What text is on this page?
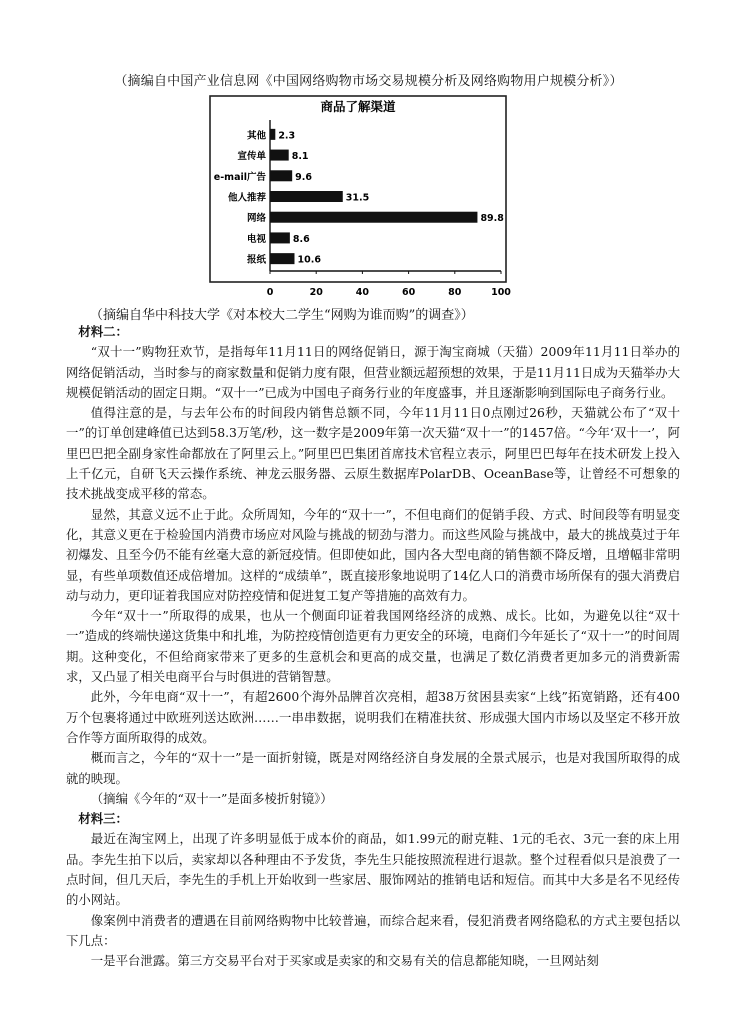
（摘编自中国产业信息网《中国网络购物市场交易规模分析及网络购物用户规模分析》）
商品了解渠道
其他 2.3
宣传单	8.1
e-mail广告	9.6
他人推荐	31.5
网络	89.8
电视	8.6
报纸	10.6
0	20	40	60	80	100
（摘编自华中科技大学《对本校大二学生“网购为谁而购”的调查》）

材料二：

“双十一”购物狂欢节，是指每年11月11日的网络促销日，源于淘宝商城（天猫）2009年11月11日举办的网络促销活动，当时参与的商家数量和促销力度有限，但营业额远超预想的效果，于是11月11日成为天猫举办大规模促销活动的固定日期。“双十一”已成为中国电子商务行业的年度盛事，并且逐渐影响到国际电子商务行业。

值得注意的是，与去年公布的时间段内销售总额不同，今年11月11日0点刚过26秒，天猫就公布了“双十一”的订单创建峰值已达到58.3万笔/秒，这一数字是2009年第一次天猫“双十一”的1457倍。“今年‘双十一’，阿里巴巴把全副身家性命都放在了阿里云上。”阿里巴巴集团首席技术官程立表示，阿里巴巴每年在技术研发上投入上千亿元，自研飞天云操作系统、神龙云服务器、云原生数据库PolarDB、OceanBase等，让曾经不可想象的技术挑战变成平移的常态。

显然，其意义远不止于此。众所周知，今年的“双十一”，不但电商们的促销手段、方式、时间段等有明显变化，其意义更在于检验国内消费市场应对风险与挑战的韧劲与潜力。而这些风险与挑战中，最大的挑战莫过于年初爆发、且至今仍不能有丝毫大意的新冠疫情。但即使如此，国内各大型电商的销售额不降反增，且增幅非常明显，有些单项数值还成倍增加。这样的“成绩单”，既直接形象地说明了14亿人口的消费市场所保有的强大消费启动与动力，更印证着我国应对防控疫情和促进复工复产等措施的高效有力。

今年“双十一”所取得的成果，也从一个侧面印证着我国网络经济的成熟、成长。比如，为避免以往“双十一”造成的终端快递这货集中和扎堆，为防控疫情创造更有力更安全的环境，电商们今年延长了“双十一”的时间周期。这种变化，不但给商家带来了更多的生意机会和更高的成交量，也满足了数亿消费者更加多元的消费新需求，又凸显了相关电商平台与时俱进的营销智慧。

此外，今年电商“双十一”，有超2600个海外品牌首次亮相，超38万贫困县卖家“上线”拓宽销路，还有400万个包裹将通过中欧班列送达欧洲……一串串数据，说明我们在精准扶贫、形成强大国内市场以及坚定不移开放合作等方面所取得的成效。

概而言之，今年的“双十一”是一面折射镜，既是对网络经济自身发展的全景式展示，也是对我国所取得的成就的映现。

（摘编《今年的“双十一”是面多棱折射镜》）

材料三：

最近在淘宝网上，出现了许多明显低于成本价的商品，如1.99元的耐克鞋、1元的毛衣、3元一套的床上用品。李先生拍下以后，卖家却以各种理由不予发货，李先生只能按照流程进行退款。整个过程看似只是浪费了一点时间，但几天后，李先生的手机上开始收到一些家居、服饰网站的推销电话和短信。而其中大多是名不见经传的小网站。

像案例中消费者的遭遇在目前网络购物中比较普遍，而综合起来看，侵犯消费者网络隐私的方式主要包括以下几点：

一是平台泄露。第三方交易平台对于买家或是卖家的和交易有关的信息都能知晓，一旦网站刻
